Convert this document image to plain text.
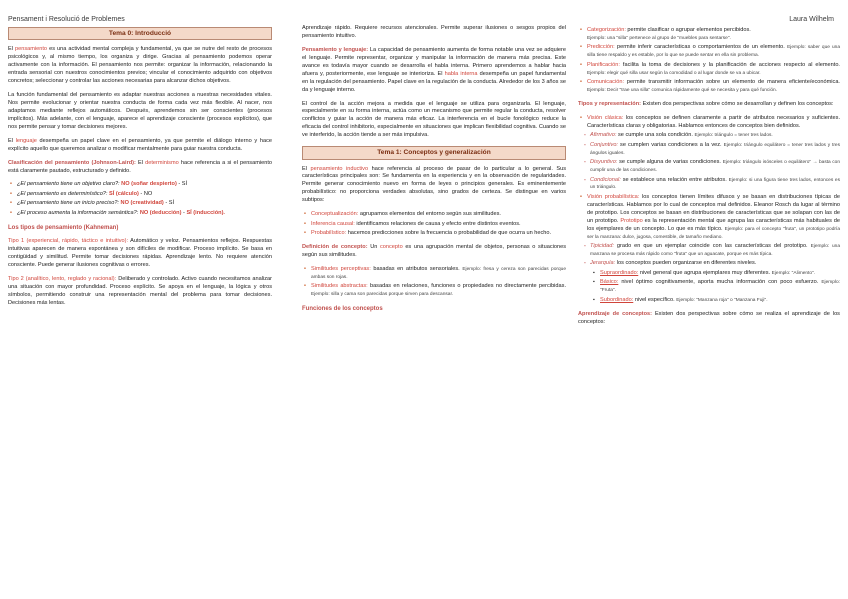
Pensament i Resolució de Problemes	Laura Wilhelm
Tema 0: Introducció

El pensamiento es una actividad mental compleja y fundamental, ya que se nutre del resto de procesos psicológicos y, al mismo tiempo, los organiza y dirige. Gracias al pensamiento podemos operar activamente con la información. El pensamiento nos permite: organizar la información, relacionando la entrada sensorial con nuestros conocimientos previos; vincular el conocimiento adquirido con objetivos concretos; seleccionar y controlar las acciones necesarias para alcanzar dichos objetivos.

La función fundamental del pensamiento es adaptar nuestras acciones a nuestras necesidades vitales. Nos permite evolucionar y orientar nuestra conducta de forma cada vez más flexible. Al nacer, nos adaptamos mediante reflejos automáticos. Después, aprendemos sin ser conscientes (procesos implícitos). Más adelante, con el lenguaje, aparece el aprendizaje consciente (procesos explícitos), que nos permite pensar y tomar decisiones mejores.

El lenguaje desempeña un papel clave en el pensamiento, ya que permite el diálogo interno y hace explícito aquello que queremos analizar o modificar mentalmente para guiar nuestra conducta.

Clasificación del pensamiento (Johnson-Laird): El determinismo hace referencia a si el pensamiento está claramente pautado, estructurado y definido.

• ¿El pensamiento tiene un objetivo claro?: NO (soñar despierto) - SÍ
• ¿El pensamiento es determinístico?: SÍ (cálculo) - NO
• ¿El pensamiento tiene un inicio preciso?: NO (creatividad) - SÍ
• ¿El proceso aumenta la información semántica?: NO (deducción) - SÍ (inducción).
Los tipos de pensamiento (Kahneman)

Tipo 1 (experiencial, rápido, táctico e intuitivo): Automático y veloz. Pensamientos reflejos. Respuestas intuitivas aparecen de manera espontánea y son difíciles de modificar. Proceso implícito. Se basa en contigüidad y similitud. Permite tomar decisiones rápidas. Aprendizaje lento. No requiere atención consciente. Puede generar ilusiones cognitivas o errores.

Tipo 2 (analítico, lento, reglado y racional): Deliberado y controlado. Activo cuando necesitamos analizar una situación con mayor profundidad. Proceso explícito. Se apoya en el lenguaje, la lógica y otros símbolos, permitiendo construir una representación mental del problema para tomar decisiones. Decisiones más lentas.

Aprendizaje rápido. Requiere recursos atencionales. Permite superar ilusiones o sesgos propios del pensamiento intuitivo.

Pensamiento y lenguaje: La capacidad de pensamiento aumenta de forma notable una vez se adquiere el lenguaje. Permite representar, organizar y manipular la información de manera más precisa. Este avance es todavía mayor cuando se desarrolla el habla interna. Primero aprendemos a hablar hacia afuera y, posteriormente, ese lenguaje se interioriza. El habla interna desempeña un papel fundamental en la regulación del pensamiento. Papel clave en la regulación de la conducta. Alrededor de los 3 años se da y lenguaje interno.

El control de la acción mejora a medida que el lenguaje se utiliza para organizarla. El lenguaje, especialmente en su forma interna, actúa como un mecanismo que permite regular la conducta, resolver conflictos y guiar la acción de manera más eficaz. La interferencia en el bucle fonológico reduce la eficacia del control inhibitorio, especialmente en situaciones que implican flexibilidad cognitiva. Cuando se ve interferido, la acción tiende a ser más impulsiva.

Tema 1: Conceptos y generalización

El pensamiento inductivo hace referencia al proceso de pasar de lo particular a lo general. Sus características principales son: Se fundamenta en la experiencia y en la observación de regularidades. Permite generar conocimiento nuevo en forma de leyes o principios generales. Es eminentemente probabilístico: no proporciona verdades absolutas, sino grados de certeza. Se distingue en varios subtipos:

• Conceptualización: agrupamos elementos del entorno según sus similitudes.
• Inferencia causal: identificamos relaciones de causa y efecto entre distintos eventos.
• Probabilístico: hacemos predicciones sobre la frecuencia o probabilidad de que ocurra un hecho.

Definición de concepto: Un concepto es una agrupación mental de objetos, personas o situaciones según sus similitudes.

• Similitudes perceptivas: basadas en atributos sensoriales. Ejemplo: fresa y cereza son parecidas porque ambas son rojas.
• Similitudes abstractas: basadas en relaciones, funciones o propiedades no directamente percibidas. Ejemplo: silla y cama son parecidas porque sirven para descansar.
Funciones de los conceptos
• Categorización: permite clasificar o agrupar elementos percibidos.
Ejemplo: una "silla" pertenece al grupo de "muebles para sentarse".
• Predicción: permite inferir características o comportamientos de un elemento. Ejemplo: saber que una silla tiene respaldo y es estable, por lo que se puede sentar en ella sin problema.
• Planificación: facilita la toma de decisiones y la planificación de acciones respecto al elemento. Ejemplo: elegir qué silla usar según la comodidad o al lugar donde se va a ubicar.
• Comunicación: permite transmitir información sobre un elemento de manera eficiente/económica. Ejemplo: Decir "trae una silla" comunica rápidamente qué se necesita y para qué función.

Tipos y representación: Existen dos perspectivas sobre cómo se desarrollan y definen los conceptos:

• Visión clásica: los conceptos se definen claramente a partir de atributos necesarios y suficientes. Características claras y obligatorias. Hablamos entonces de conceptos bien definidos.
- Afirmativo: se cumple una sola condición. Ejemplo: triángulo = tener tres lados.
- Conjuntivo: se cumplen varias condiciones a la vez. Ejemplo: triángulo equilátero = tener tres lados y tres ángulos iguales.
- Disyuntivo: se cumple alguna de varias condiciones. Ejemplo: triángulo isósceles o equilátero" → basta con cumplir una de las condiciones.
- Condicional: se establece una relación entre atributos. Ejemplo: si una figura tiene tres lados, entonces es un triángulo.
• Visión probabilística: los conceptos tienen límites difusos y se basan en distribuciones típicas de características. Hablamos por lo cual de conceptos mal definidos. Eleanor Rosch da lugar al término de prototipo. Los conceptos se basan en distribuciones de características que se solapan con las de un prototipo. Prototipo es la representación mental que agrupa las características más habituales de los ejemplares de un concepto. Lo que es más típico. Ejemplo: para el concepto "fruta", un prototipo podría ser la manzana: dulce, jugosa, comestible, de tamaño mediano.
- Tipicidad: grado en que un ejemplar coincide con las características del prototipo. Ejemplo: una manzana se procesa más rápido como "fruta" que un aguacate, porque es más típica.
- Jerarquía: los conceptos pueden organizarse en diferentes niveles.
▪ Supraordinado: nivel general que agrupa ejemplares muy diferentes. Ejemplo: "Alimento".
▪ Básico: nivel óptimo cognitivamente, aporta mucha información con poco esfuerzo. Ejemplo: "Fruta".
▪ Subordinado: nivel específico. Ejemplo: "Manzana roja" o "Manzana Fuji".

Aprendizaje de conceptos: Existen dos perspectivas sobre cómo se realiza el aprendizaje de los conceptos:
